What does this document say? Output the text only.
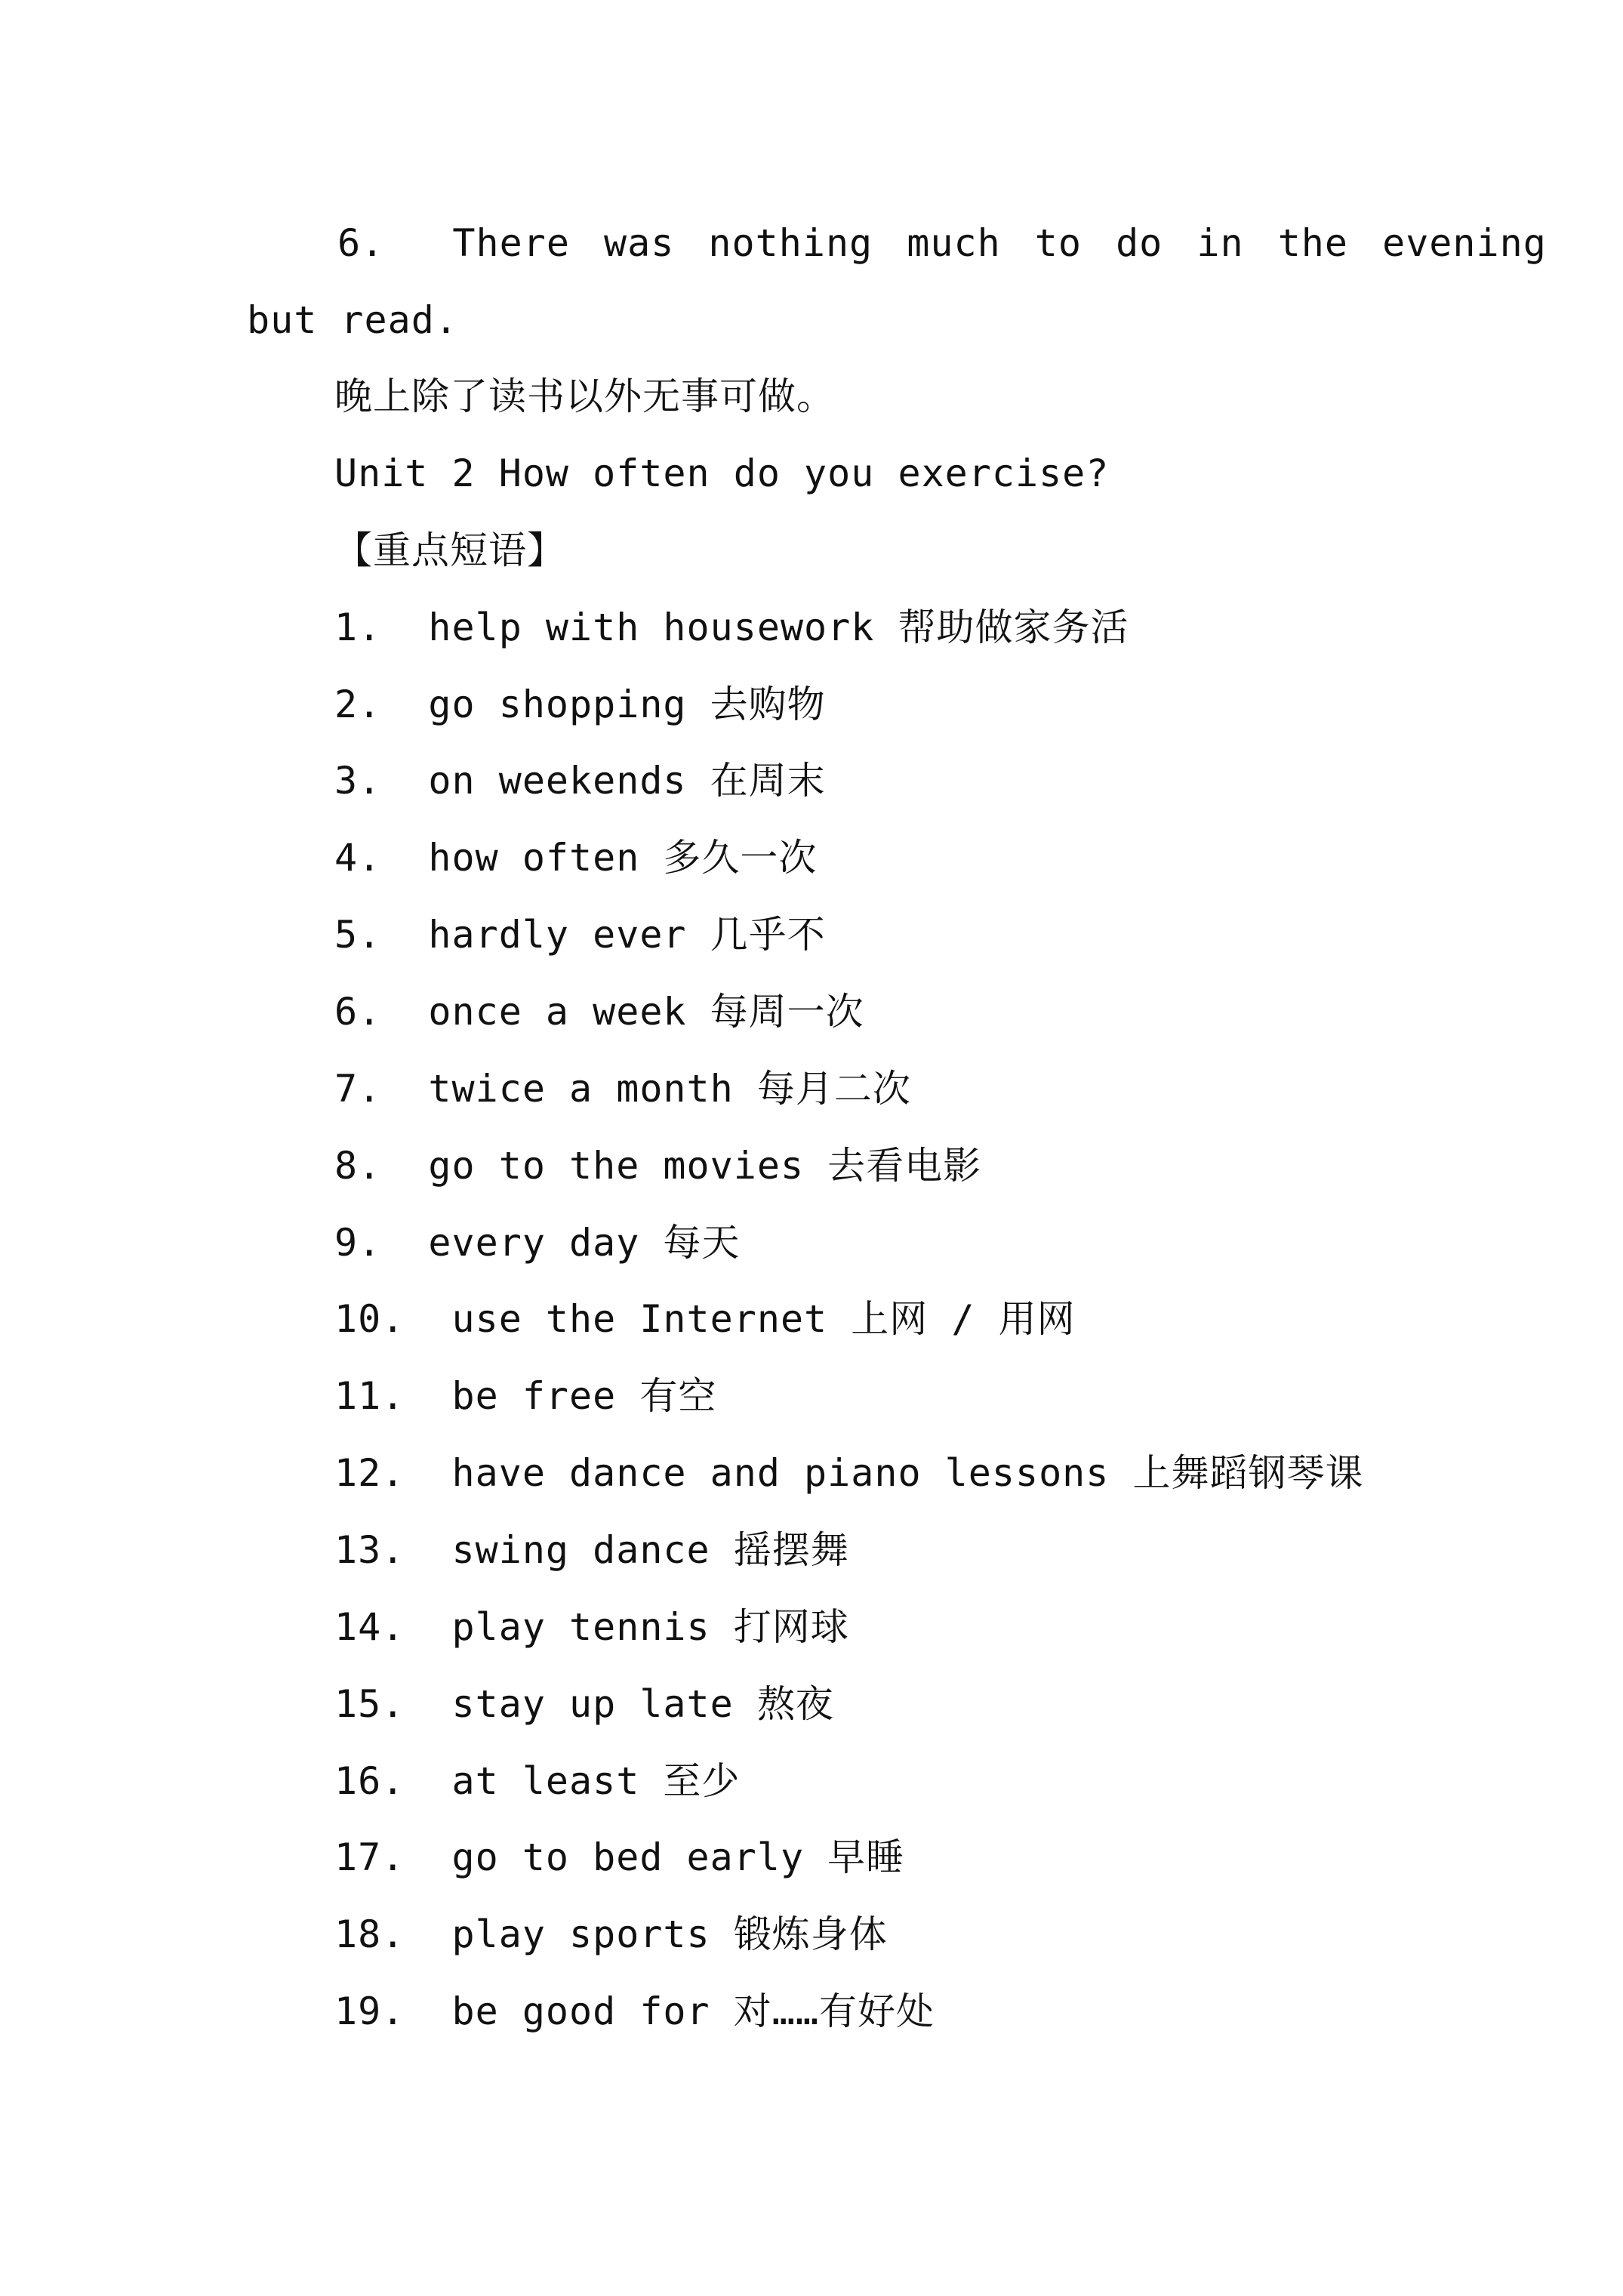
6.  There was nothing much to do in the evening
but read.
晚上除了读书以外无事可做。
Unit 2 How often do you exercise?
【重点短语】
1.  help with housework 帮助做家务活
2.  go shopping 去购物
3.  on weekends 在周末
4.  how often 多久一次
5.  hardly ever 几乎不
6.  once a week 每周一次
7.  twice a month 每月二次
8.  go to the movies 去看电影
9.  every day 每天
10.  use the Internet 上网 / 用网
11.  be free 有空
12.  have dance and piano lessons 上舞蹈钢琴课
13.  swing dance 摇摆舞
14.  play tennis 打网球
15.  stay up late 熬夜
16.  at least 至少
17.  go to bed early 早睡
18.  play sports 锻炼身体
19.  be good for 对……有好处
